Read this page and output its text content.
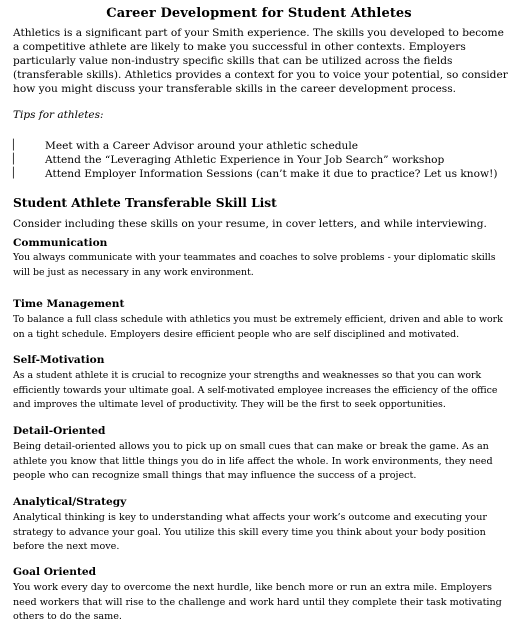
Career Development for Student Athletes

Athletics is a significant part of your Smith experience. The skills you developed to become a competitive athlete are likely to make you successful in other contexts. Employers particularly value non-industry specific skills that can be utilized across the fields (transferable skills). Athletics provides a context for you to voice your potential, so consider how you might discuss your transferable skills in the career development process.

Tips for athletes:
▏ Meet with a Career Advisor around your athletic schedule
▏ Attend the “Leveraging Athletic Experience in Your Job Search” workshop
▏ Attend Employer Information Sessions (can’t make it due to practice? Let us know!)
Student Athlete Transferable Skill List
Consider including these skills on your resume, in cover letters, and while interviewing.
Communication

You always communicate with your teammates and coaches to solve problems - your diplomatic skills will be just as necessary in any work environment.

Time Management

To balance a full class schedule with athletics you must be extremely efficient, driven and able to work on a tight schedule. Employers desire efficient people who are self disciplined and motivated.

Self-Motivation

As a student athlete it is crucial to recognize your strengths and weaknesses so that you can work efficiently towards your ultimate goal. A self-motivated employee increases the efficiency of the office and improves the ultimate level of productivity. They will be the first to seek opportunities.

Detail-Oriented

Being detail-oriented allows you to pick up on small cues that can make or break the game. As an athlete you know that little things you do in life affect the whole. In work environments, they need people who can recognize small things that may influence the success of a project.

Analytical/Strategy

Analytical thinking is key to understanding what affects your work’s outcome and executing your strategy to advance your goal. You utilize this skill every time you think about your body position before the next move.

Goal Oriented

You work every day to overcome the next hurdle, like bench more or run an extra mile. Employers need workers that will rise to the challenge and work hard until they complete their task motivating others to do the same.
